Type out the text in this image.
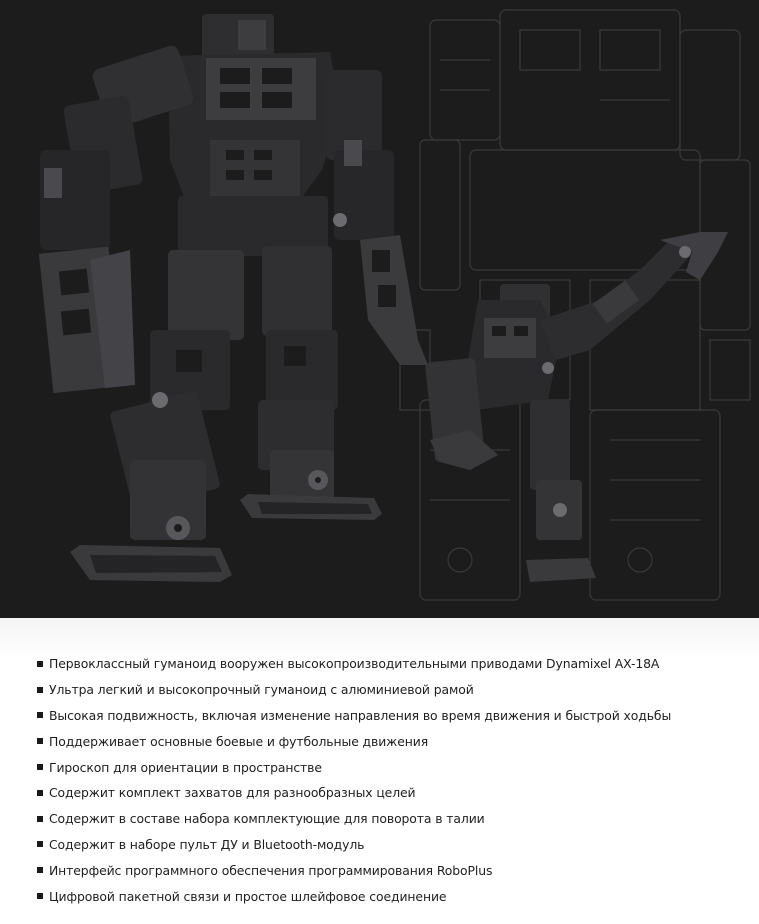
Первоклассный гуманоид вооружен высокопроизводительными приводами Dynamixel AX-18A
Ультра легкий и высокопрочный гуманоид с алюминиевой рамой
Высокая подвижность, включая изменение направления во время движения и быстрой ходьбы
Поддерживает основные боевые и футбольные движения
Гироскоп для ориентации в пространстве
Содержит комплект захватов для разнообразных целей
Содержит в составе набора комплектующие для поворота в талии
Содержит в наборе пульт ДУ и Bluetooth-модуль
Интерфейс программного обеспечения программирования RoboPlus
Цифровой пакетной связи и простое шлейфовое соединение
